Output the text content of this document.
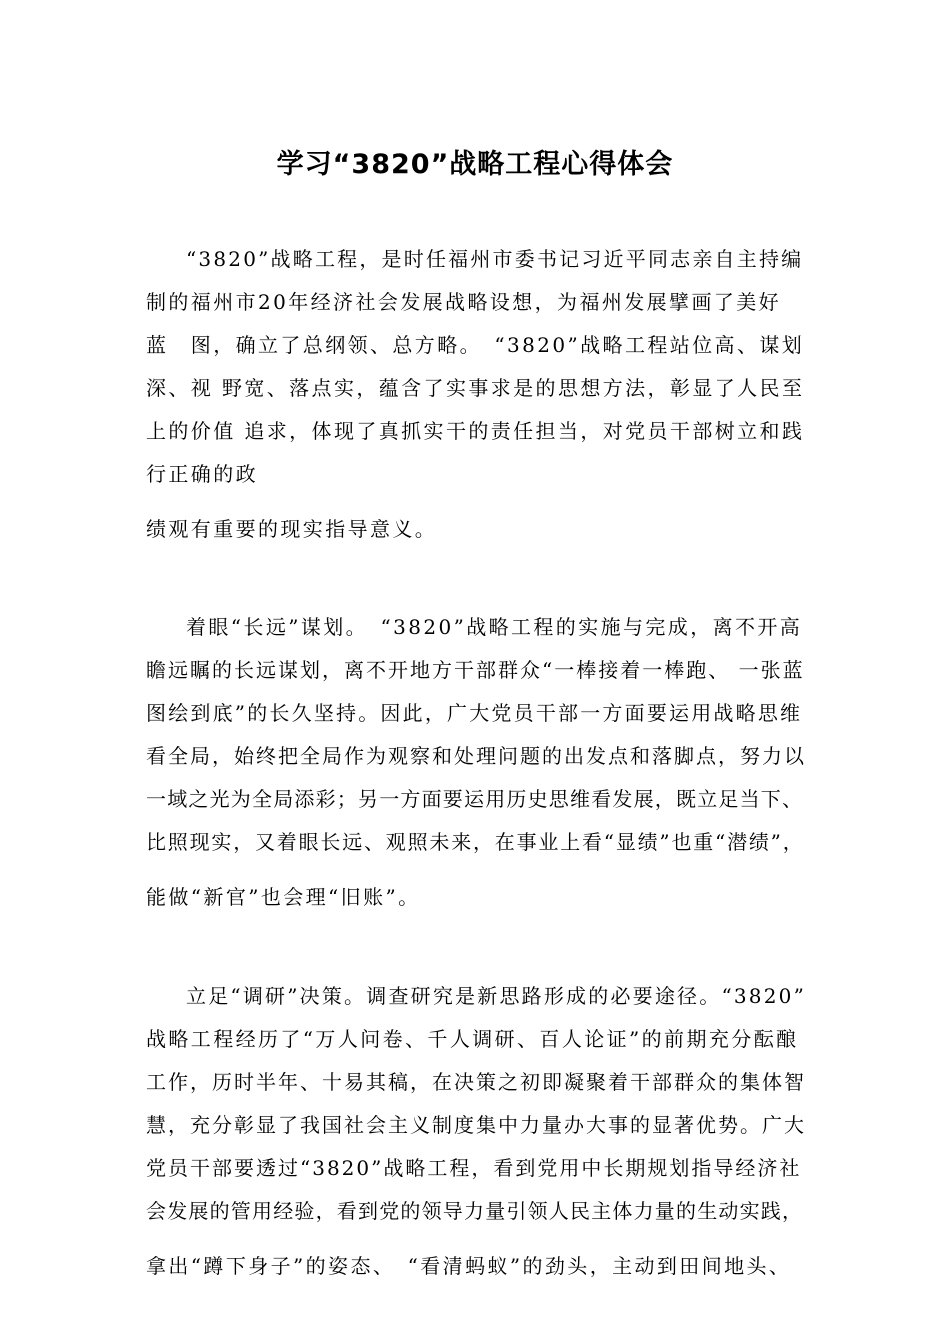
学习“3820”战略工程心得体会
“3820”战略工程，是时任福州市委书记习近平同志亲自主持编
制的福州市20年经济社会发展战略设想，为福州发展擘画了美好
蓝　图，确立了总纲领、总方略。　“3820”战略工程站位高、谋划
深、视 野宽、落点实，蕴含了实事求是的思想方法，彰显了人民至
上的价值 追求，体现了真抓实干的责任担当，对党员干部树立和践
行正确的政
绩观有重要的现实指导意义。
着眼“长远”谋划。　“3820”战略工程的实施与完成，离不开高
瞻远瞩的长远谋划，离不开地方干部群众“一棒接着一棒跑、 一张蓝
图绘到底”的长久坚持。因此，广大党员干部一方面要运用战略思维
看全局，始终把全局作为观察和处理问题的出发点和落脚点，努力以
一域之光为全局添彩；另一方面要运用历史思维看发展，既立足当下、
比照现实，又着眼长远、观照未来，在事业上看“显绩”也重“潜绩”，
能做“新官”也会理“旧账”。
立足“调研”决策。调查研究是新思路形成的必要途径。“3820”
战略工程经历了“万人问卷、千人调研、百人论证”的前期充分酝酿
工作，历时半年、十易其稿，在决策之初即凝聚着干部群众的集体智
慧，充分彰显了我国社会主义制度集中力量办大事的显著优势。广大
党员干部要透过“3820”战略工程，看到党用中长期规划指导经济社
会发展的管用经验，看到党的领导力量引领人民主体力量的生动实践，
拿出“蹲下身子”的姿态、　“看清蚂蚁”的劲头，主动到田间地头、
